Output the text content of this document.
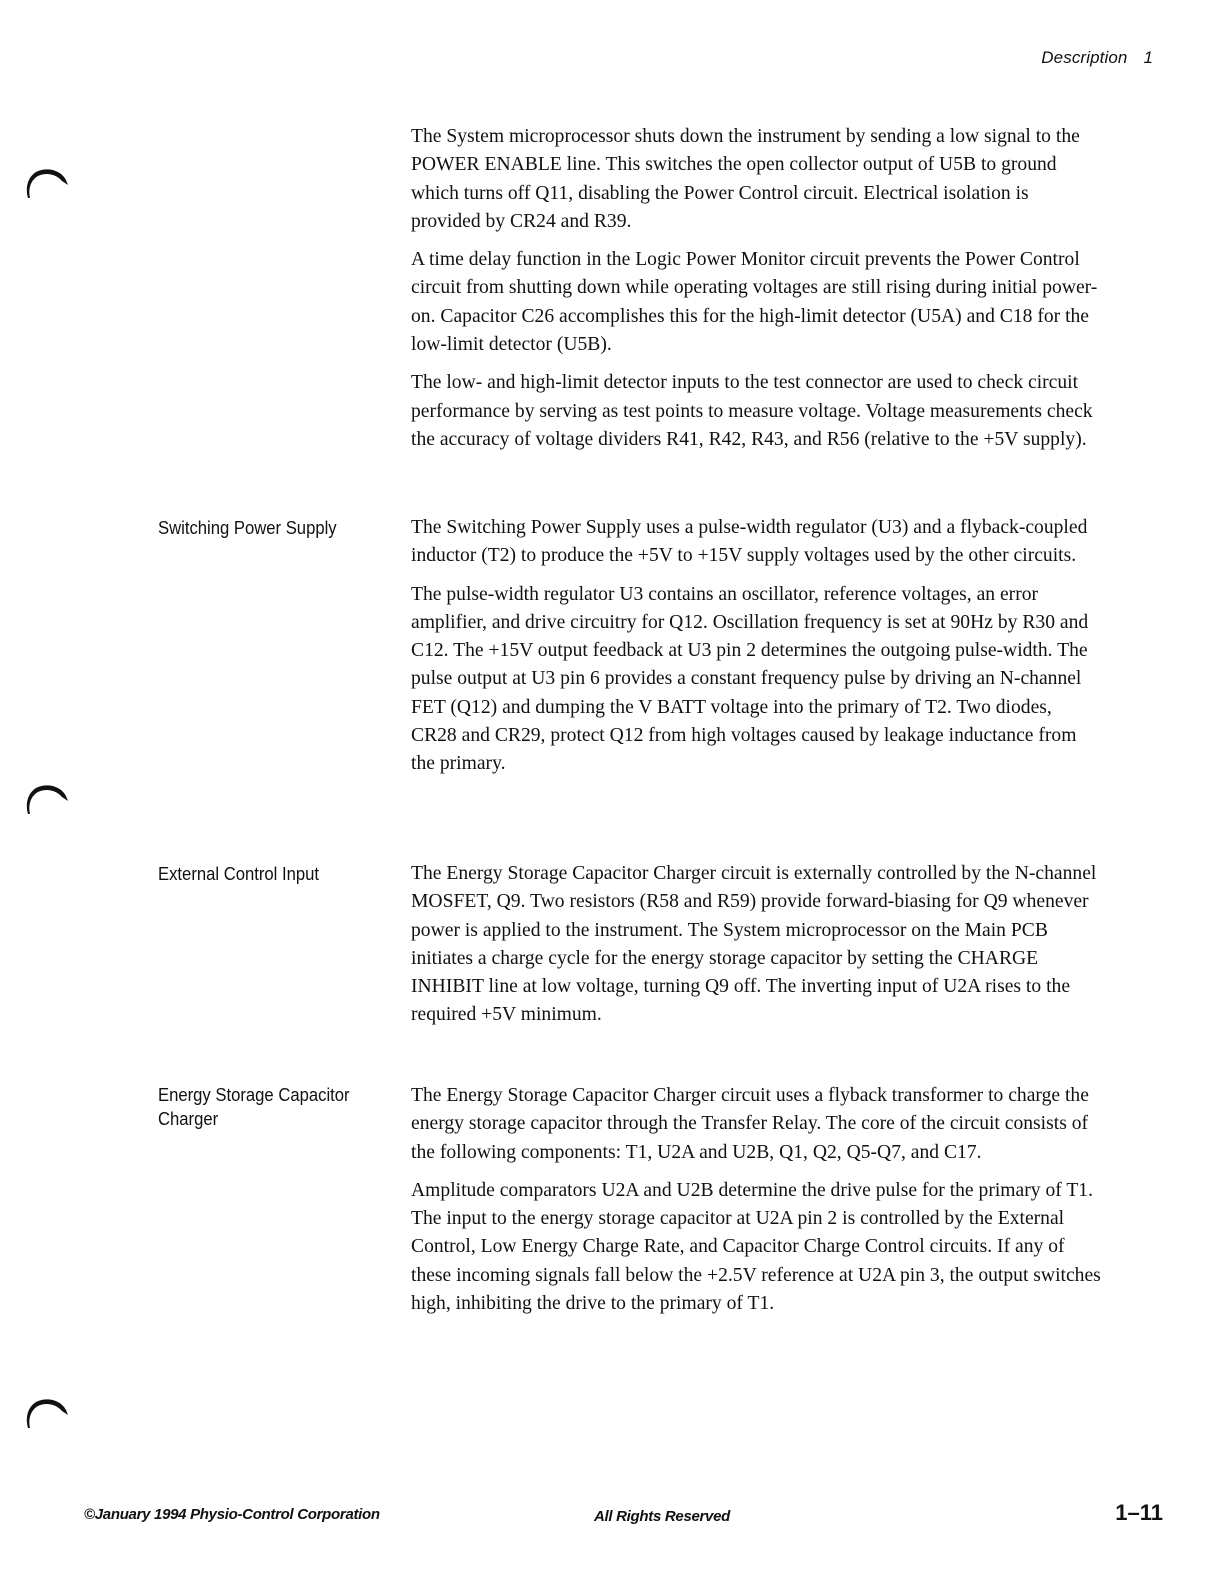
Description 1

The System microprocessor shuts down the instrument by sending a low signal to the POWER ENABLE line. This switches the open collector output of U5B to ground which turns off Q11, disabling the Power Control circuit. Electrical isolation is provided by CR24 and R39.

A time delay function in the Logic Power Monitor circuit prevents the Power Control circuit from shutting down while operating voltages are still rising during initial power-on. Capacitor C26 accomplishes this for the high-limit detector (U5A) and C18 for the low-limit detector (U5B).

The low- and high-limit detector inputs to the test connector are used to check circuit performance by serving as test points to measure voltage. Voltage measurements check the accuracy of voltage dividers R41, R42, R43, and R56 (relative to the +5V supply).

Switching Power Supply	The Switching Power Supply uses a pulse-width regulator (U3) and a flyback-coupled inductor (T2) to produce the +5V to +15V supply voltages used by the other circuits.

The pulse-width regulator U3 contains an oscillator, reference voltages, an error amplifier, and drive circuitry for Q12. Oscillation frequency is set at 90Hz by R30 and C12. The +15V output feedback at U3 pin 2 determines the outgoing pulse-width. The pulse output at U3 pin 6 provides a constant frequency pulse by driving an N-channel FET (Q12) and dumping the V BATT voltage into the primary of T2. Two diodes, CR28 and CR29, protect Q12 from high voltages caused by leakage inductance from the primary.

External Control Input	The Energy Storage Capacitor Charger circuit is externally controlled by the N-channel MOSFET, Q9. Two resistors (R58 and R59) provide forward-biasing for Q9 whenever power is applied to the instrument. The System microprocessor on the Main PCB initiates a charge cycle for the energy storage capacitor by setting the CHARGE INHIBIT line at low voltage, turning Q9 off. The inverting input of U2A rises to the required +5V minimum.

Energy Storage Capacitor Charger

The Energy Storage Capacitor Charger circuit uses a flyback transformer to charge the energy storage capacitor through the Transfer Relay. The core of the circuit consists of the following components: T1, U2A and U2B, Q1, Q2, Q5-Q7, and C17.

Amplitude comparators U2A and U2B determine the drive pulse for the primary of T1. The input to the energy storage capacitor at U2A pin 2 is controlled by the External Control, Low Energy Charge Rate, and Capacitor Charge Control circuits. If any of these incoming signals fall below the +2.5V reference at U2A pin 3, the output switches high, inhibiting the drive to the primary of T1.

©January 1994 Physio-Control Corporation	All Rights Reserved	1–11
